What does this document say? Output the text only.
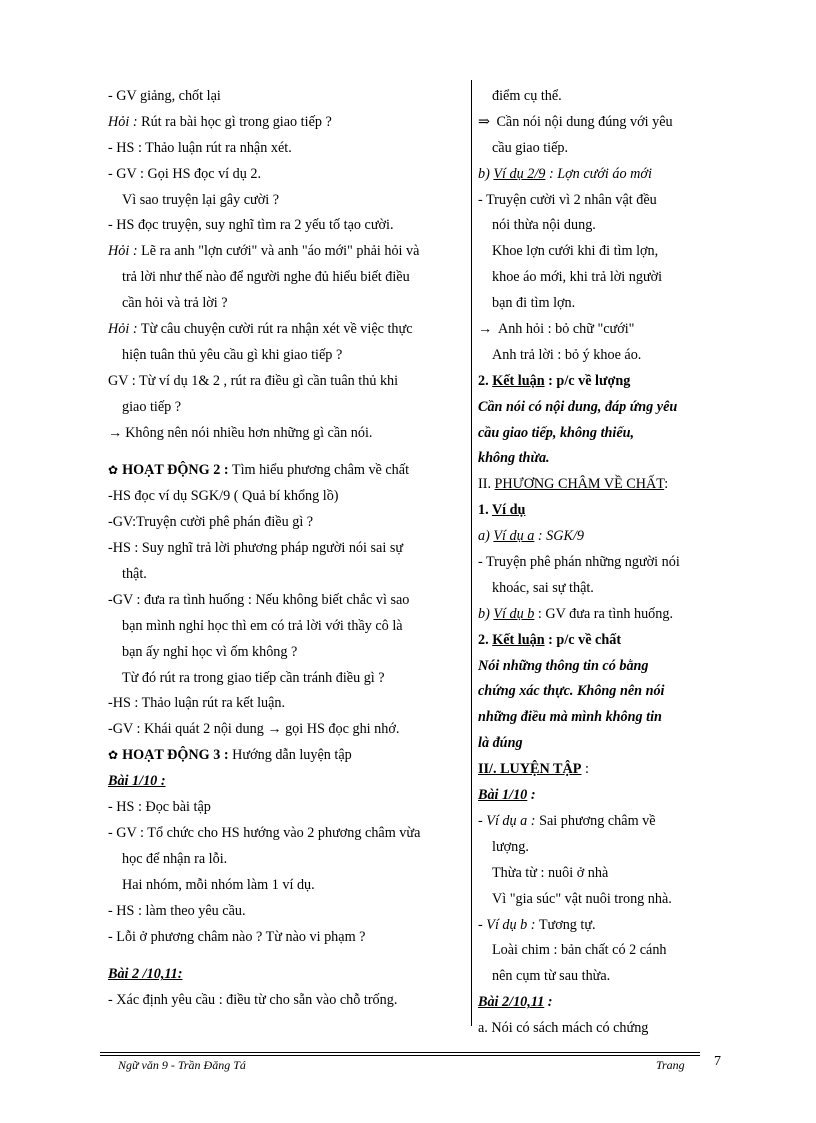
- GV giảng, chốt lại
Hỏi : Rút ra bài học gì trong giao tiếp ?
- HS : Thảo luận rút ra nhận xét.
- GV : Gọi HS đọc ví dụ 2.
Vì sao truyện lại gây cười ?
- HS đọc truyện, suy nghĩ tìm ra 2 yếu tố tạo cười.
Hỏi : Lẽ ra anh "lợn cưới" và anh "áo mới" phải hỏi và
trả lời như thế nào để người nghe đủ hiểu biết điều
cần hỏi và trả lời ?
Hỏi : Từ câu chuyện cười rút ra nhận xét về việc thực
hiện tuân thủ yêu cầu gì khi giao tiếp ?
GV : Từ ví dụ 1& 2 , rút ra điều gì cần tuân thủ khi
giao tiếp ?
→ Không nên nói nhiều hơn những gì cần nói.
✿ HOẠT ĐỘNG 2 : Tìm hiểu phương châm về chất
-HS đọc ví dụ SGK/9 ( Quả bí khổng lồ)
-GV:Truyện cười phê phán điều gì ?
-HS : Suy nghĩ trả lời phương pháp người nói sai sự
thật.
-GV : đưa ra tình huống : Nếu không biết chắc vì sao
bạn mình nghỉ học thì em có trả lời với thầy cô là
bạn ấy nghỉ học vì ốm không ?
Từ đó rút ra trong giao tiếp cần tránh điều gì ?
-HS : Thảo luận rút ra kết luận.
-GV : Khái quát 2 nội dung → gọi HS đọc ghi nhớ.
✿ HOẠT ĐỘNG 3 : Hướng dẫn luyện tập
Bài 1/10 :
- HS : Đọc bài tập
- GV : Tổ chức cho HS hướng vào 2 phương châm vừa
học để nhận ra lỗi.
Hai nhóm, mỗi nhóm làm 1 ví dụ.
- HS : làm theo yêu cầu.
- Lỗi ở phương châm nào ? Từ nào vi phạm ?
Bài 2 /10,11:
- Xác định yêu cầu : điều từ cho sẵn vào chỗ trống.
điểm cụ thể.
⇒ Cần nói nội dung đúng với yêu
cầu giao tiếp.
b) Ví dụ 2/9 : Lợn cưới áo mới
- Truyện cười vì 2 nhân vật đều
nói thừa nội dung.
Khoe lợn cưới khi đi tìm lợn,
khoe áo mới, khi trả lời người
bạn đi tìm lợn.
→ Anh hỏi : bỏ chữ "cưới"
Anh trả lời : bỏ ý khoe áo.
2. Kết luận : p/c về lượng
Cần nói có nội dung, đáp ứng yêu
cầu giao tiếp, không thiếu,
không thừa.
II. PHƯƠNG CHÂM VỀ CHẤT:
1. Ví dụ
a) Ví dụ a : SGK/9
- Truyện phê phán những người nói
khoác, sai sự thật.
b) Ví dụ b : GV đưa ra tình huống.
2. Kết luận : p/c về chất
Nói những thông tin có bằng
chứng xác thực. Không nên nói
những điều mà mình không tin
là đúng
II/. LUYỆN TẬP :
Bài 1/10 :
- Ví dụ a : Sai phương châm về
lượng.
Thừa từ : nuôi ở nhà
Vì "gia súc" vật nuôi trong nhà.
- Ví dụ b : Tương tự.
Loài chim : bản chất có 2 cánh
nên cụm từ sau thừa.
Bài 2/10,11 :
a. Nói có sách mách có chứng
Ngữ văn 9 - Trần Đăng Tá	Trang 7
